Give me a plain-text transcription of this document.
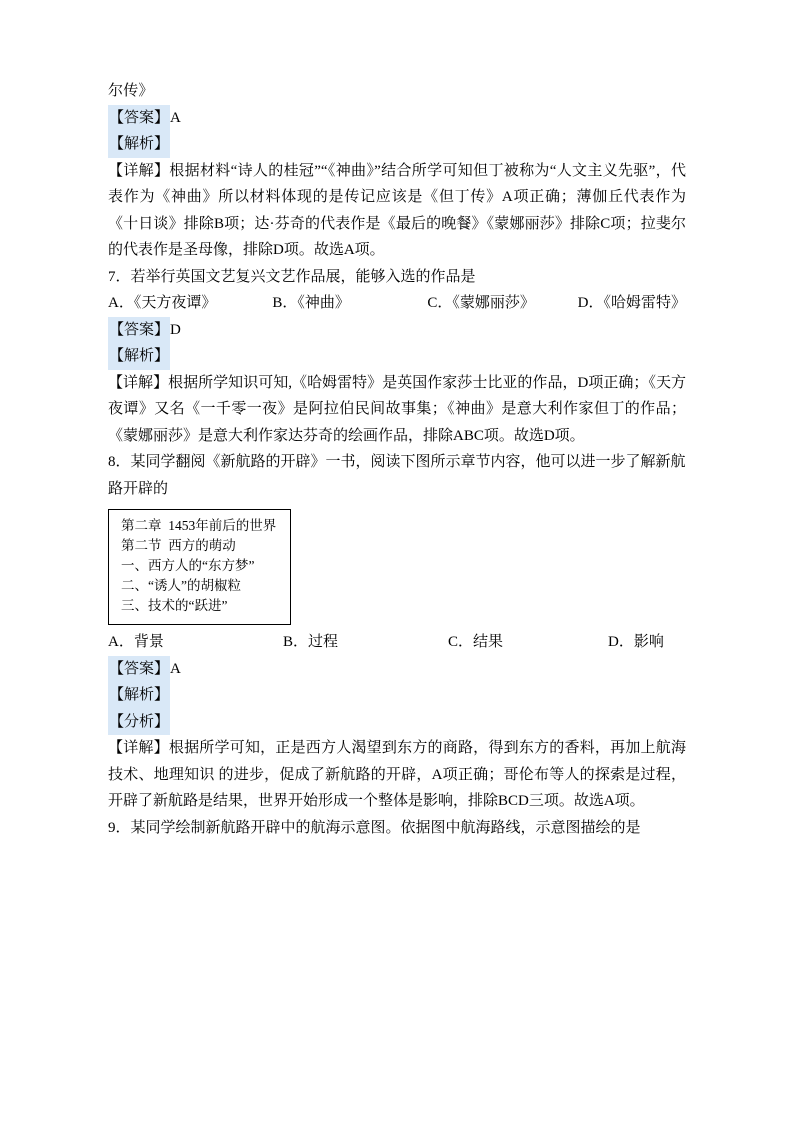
尔传》

【答案】A

【解析】

【详解】根据材料“诗人的桂冠”“《神曲》”结合所学可知但丁被称为“人文主义先驱”，代表作为《神曲》所以材料体现的是传记应该是《但丁传》A项正确；薄伽丘代表作为《十日谈》排除B项；达·芬奇的代表作是《最后的晚餐》《蒙娜丽莎》排除C项；拉斐尔的代表作是圣母像，排除D项。故选A项。
7．若举行英国文艺复兴文艺作品展，能够入选的作品是
A．《天方夜谭》	B．《神曲》	C．《蒙娜丽莎》	D．《哈姆雷特》

【答案】D

【解析】

【详解】根据所学知识可知,《哈姆雷特》是英国作家莎士比亚的作品，D项正确；《天方夜谭》又名《一千零一夜》是阿拉伯民间故事集；《神曲》是意大利作家但丁的作品；《蒙娜丽莎》是意大利作家达芬奇的绘画作品，排除ABC项。故选D项。
8．某同学翻阅《新航路的开辟》一书，阅读下图所示章节内容，他可以进一步了解新航路开辟的
第二章  1453年前后的世界
第二节  西方的萌动
一、西方人的“东方梦”
二、“诱人”的胡椒粒
三、技术的“跃进”
A．背景	B．过程	C．结果	D．影响

【答案】A

【解析】

【分析】

【详解】根据所学可知，正是西方人渴望到东方的商路，得到东方的香料，再加上航海技术、地理知识 的进步，促成了新航路的开辟，A项正确；哥伦布等人的探索是过程，开辟了新航路是结果，世界开始形成一个整体是影响，排除BCD三项。故选A项。
9．某同学绘制新航路开辟中的航海示意图。依据图中航海路线，示意图描绘的是
